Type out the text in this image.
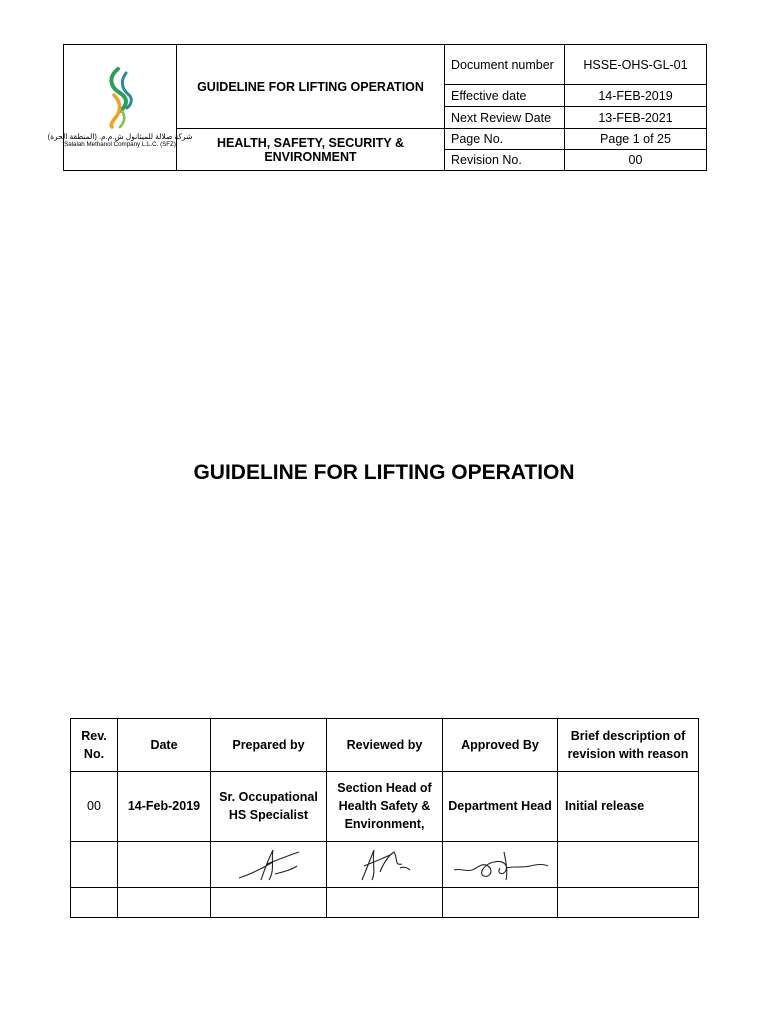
شركة صلالة للميثانول ش.م.م. (المنطقة الحرة)
Salalah Methanol Company L.L.C. (SFZ)	GUIDELINE FOR LIFTING OPERATION	Document number	HSSE-OHS-GL-01
		Effective date	14-FEB-2019
		Next Review Date	13-FEB-2021
	HEALTH, SAFETY, SECURITY & ENVIRONMENT	Page No.	Page 1 of 25
		Revision No.	00
GUIDELINE FOR LIFTING OPERATION
Rev. No.	Date	Prepared by	Reviewed by	Approved By	Brief description of revision with reason
00	14-Feb-2019	Sr. Occupational HS Specialist	Section Head of Health Safety & Environment,	Department Head	Initial release
